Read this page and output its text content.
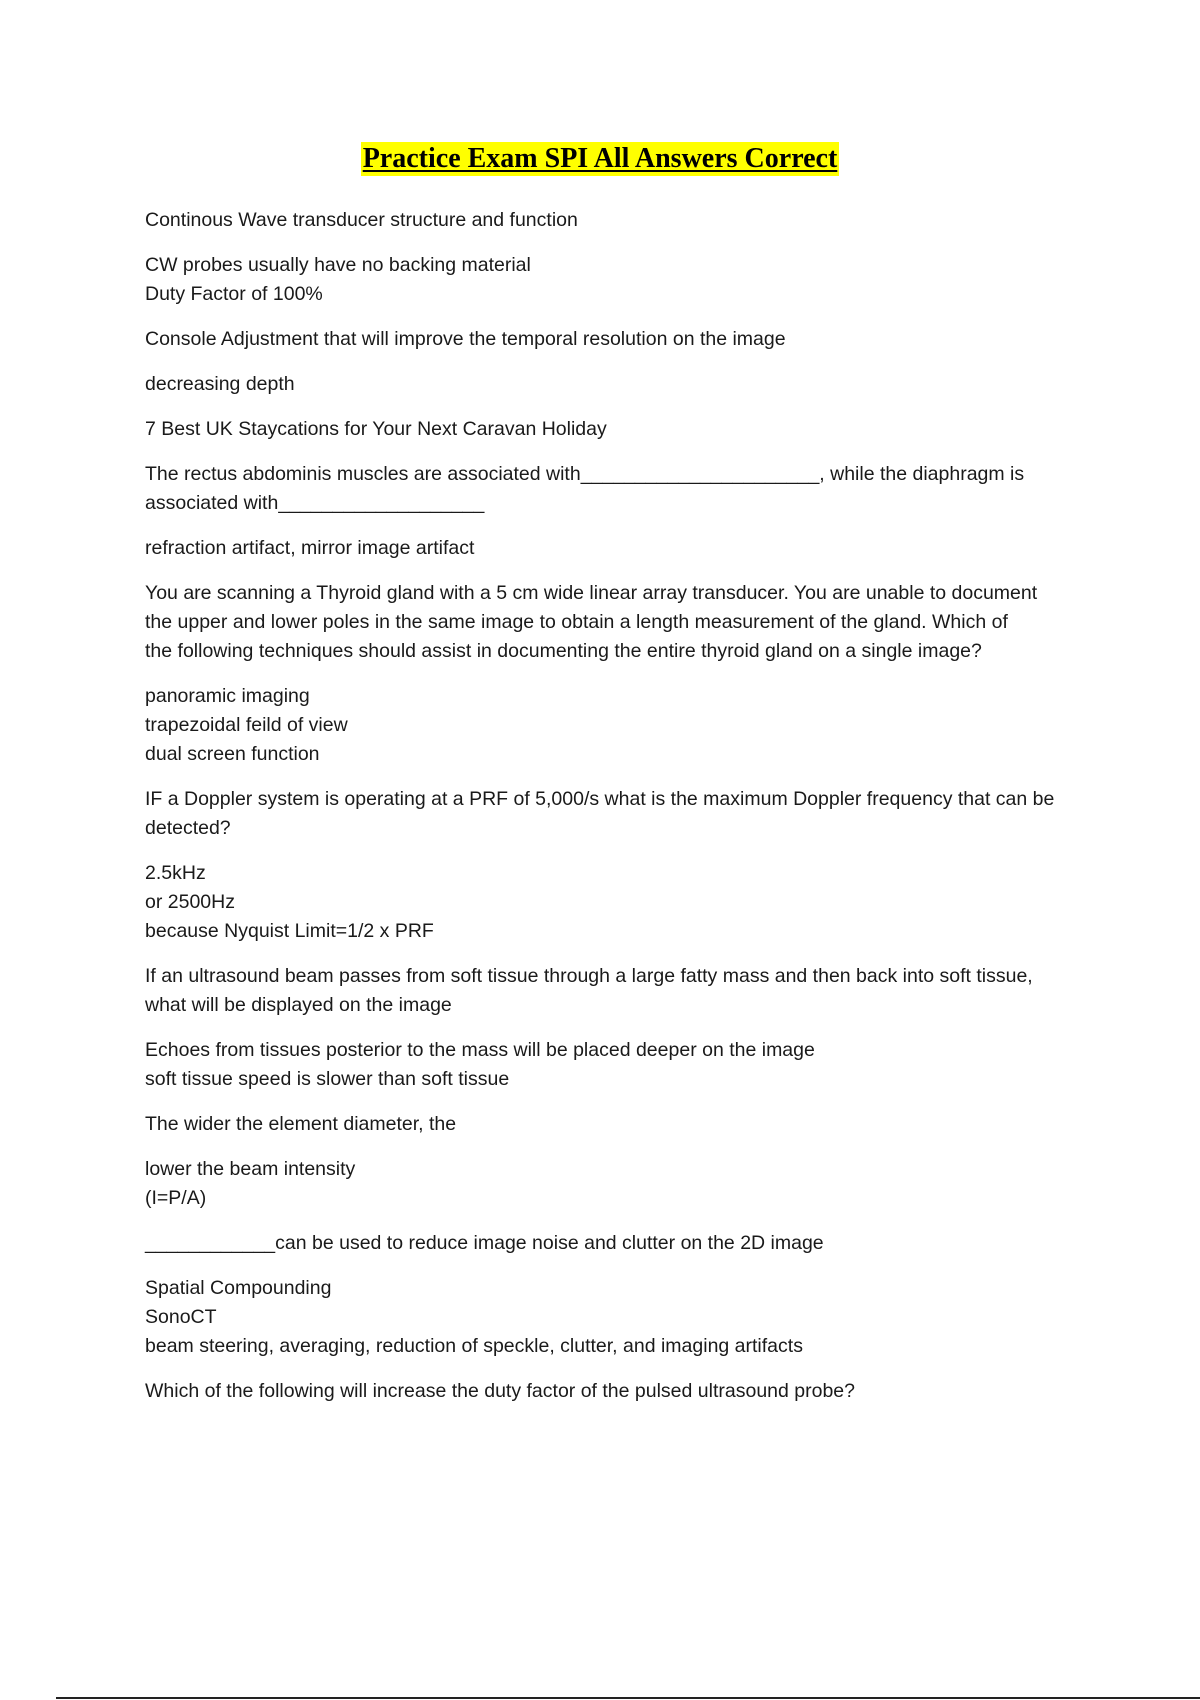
Practice Exam SPI All Answers Correct
Continous Wave transducer structure and function
CW probes usually have no backing material
Duty Factor of 100%
Console Adjustment that will improve the temporal resolution on the image
decreasing depth
7 Best UK Staycations for Your Next Caravan Holiday
The rectus abdominis muscles are associated with______________________, while the diaphragm is
associated with___________________
refraction artifact, mirror image artifact
You are scanning a Thyroid gland with a 5 cm wide linear array transducer. You are unable to document
the upper and lower poles in the same image to obtain a length measurement of the gland. Which of
the following techniques should assist in documenting the entire thyroid gland on a single image?
panoramic imaging
trapezoidal feild of view
dual screen function
IF a Doppler system is operating at a PRF of 5,000/s what is the maximum Doppler frequency that can be
detected?
2.5kHz
or 2500Hz
because Nyquist Limit=1/2 x PRF
If an ultrasound beam passes from soft tissue through a large fatty mass and then back into soft tissue,
what will be displayed on the image
Echoes from tissues posterior to the mass will be placed deeper on the image
soft tissue speed is slower than soft tissue
The wider the element diameter, the
lower the beam intensity
(I=P/A)
____________can be used to reduce image noise and clutter on the 2D image
Spatial Compounding
SonoCT
beam steering, averaging, reduction of speckle, clutter, and imaging artifacts
Which of the following will increase the duty factor of the pulsed ultrasound probe?
